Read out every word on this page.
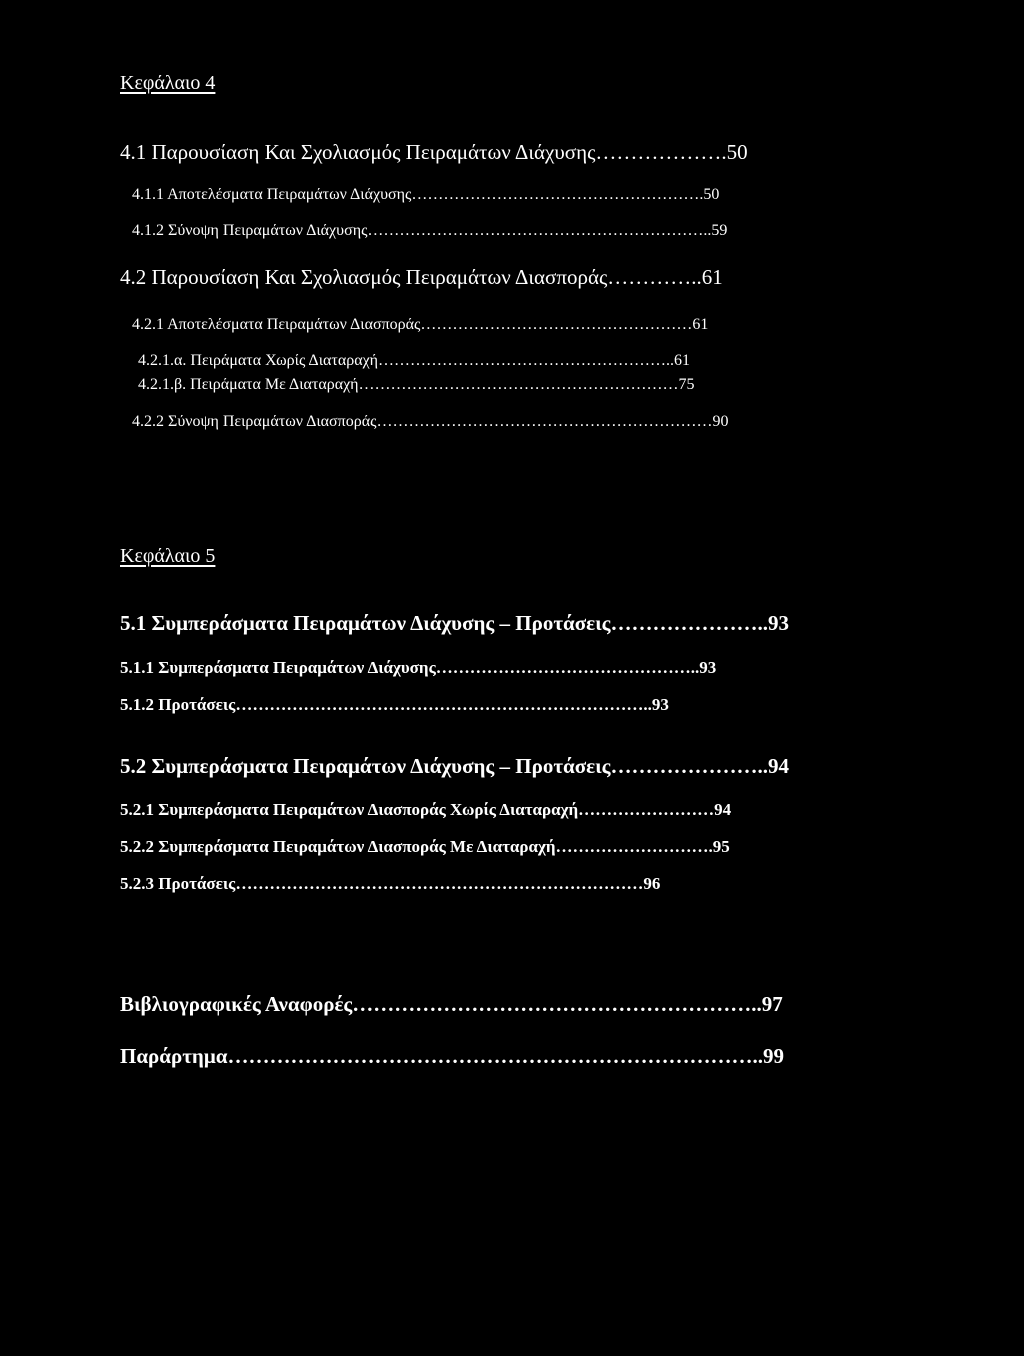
Κεφάλαιο 4
4.1 Παρουσίαση Και Σχολιασμός Πειραμάτων Διάχυσης……………….50
4.1.1 Αποτελέσματα Πειραμάτων Διάχυσης……………………………………………….50
4.1.2 Σύνοψη Πειραμάτων Διάχυσης………………………………………………………..59
4.2 Παρουσίαση Και Σχολιασμός Πειραμάτων Διασποράς…………..61
4.2.1 Αποτελέσματα Πειραμάτων Διασποράς……………………………………………61
4.2.1.α. Πειράματα Χωρίς Διαταραχή………………………………………………..61
4.2.1.β. Πειράματα Με Διαταραχή……………………………………………………75
4.2.2 Σύνοψη Πειραμάτων Διασποράς………………………………………………………90
Κεφάλαιο 5
5.1 Συμπεράσματα Πειραμάτων Διάχυσης – Προτάσεις…………………..93
5.1.1 Συμπεράσματα Πειραμάτων Διάχυσης………………………………………..93
5.1.2 Προτάσεις………………………………………………………………..93
5.2 Συμπεράσματα Πειραμάτων Διάχυσης – Προτάσεις…………………..94
5.2.1 Συμπεράσματα Πειραμάτων Διασποράς Χωρίς Διαταραχή……………………94
5.2.2 Συμπεράσματα Πειραμάτων Διασποράς Με Διαταραχή……………………….95
5.2.3 Προτάσεις………………………………………………………………96
Βιβλιογραφικές Αναφορές…………………………………………………..97
Παράρτημα…………………………………………………………………..99
